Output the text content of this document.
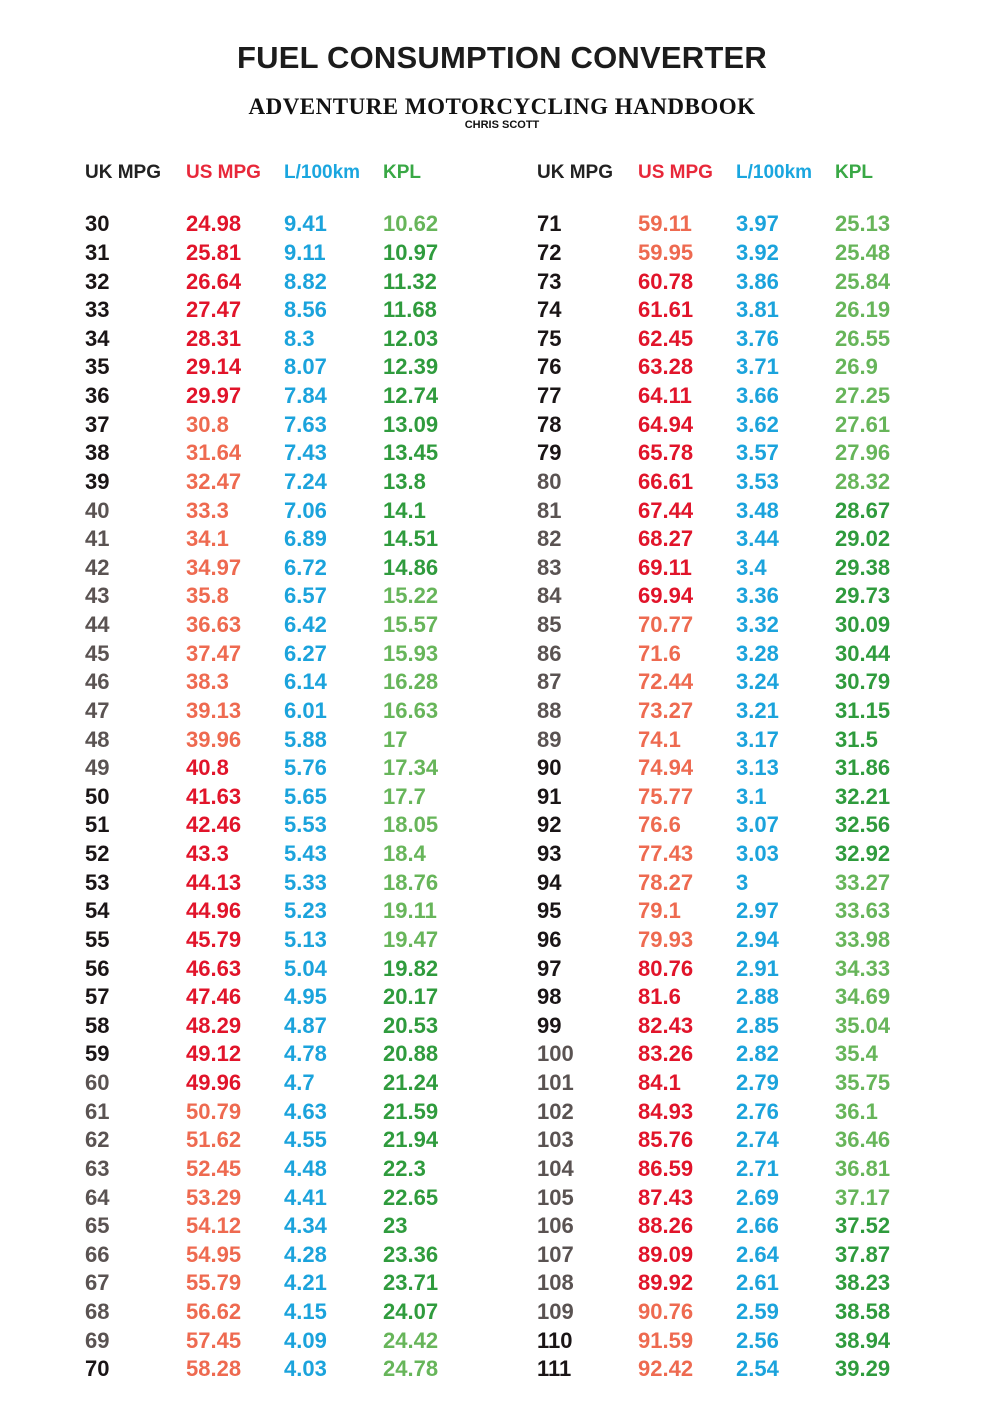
FUEL CONSUMPTION CONVERTER
ADVENTURE MOTORCYCLING HANDBOOK
CHRIS SCOTT
UK MPG	US MPG	L/100km	KPL
30	24.98	9.41	10.62
31	25.81	9.11	10.97
32	26.64	8.82	11.32
33	27.47	8.56	11.68
34	28.31	8.3	12.03
35	29.14	8.07	12.39
36	29.97	7.84	12.74
37	30.8	7.63	13.09
38	31.64	7.43	13.45
39	32.47	7.24	13.8
40	33.3	7.06	14.1
41	34.1	6.89	14.51
42	34.97	6.72	14.86
43	35.8	6.57	15.22
44	36.63	6.42	15.57
45	37.47	6.27	15.93
46	38.3	6.14	16.28
47	39.13	6.01	16.63
48	39.96	5.88	17
49	40.8	5.76	17.34
50	41.63	5.65	17.7
51	42.46	5.53	18.05
52	43.3	5.43	18.4
53	44.13	5.33	18.76
54	44.96	5.23	19.11
55	45.79	5.13	19.47
56	46.63	5.04	19.82
57	47.46	4.95	20.17
58	48.29	4.87	20.53
59	49.12	4.78	20.88
60	49.96	4.7	21.24
61	50.79	4.63	21.59
62	51.62	4.55	21.94
63	52.45	4.48	22.3
64	53.29	4.41	22.65
65	54.12	4.34	23
66	54.95	4.28	23.36
67	55.79	4.21	23.71
68	56.62	4.15	24.07
69	57.45	4.09	24.42
70	58.28	4.03	24.78
UK MPG	US MPG	L/100km	KPL
71	59.11	3.97	25.13
72	59.95	3.92	25.48
73	60.78	3.86	25.84
74	61.61	3.81	26.19
75	62.45	3.76	26.55
76	63.28	3.71	26.9
77	64.11	3.66	27.25
78	64.94	3.62	27.61
79	65.78	3.57	27.96
80	66.61	3.53	28.32
81	67.44	3.48	28.67
82	68.27	3.44	29.02
83	69.11	3.4	29.38
84	69.94	3.36	29.73
85	70.77	3.32	30.09
86	71.6	3.28	30.44
87	72.44	3.24	30.79
88	73.27	3.21	31.15
89	74.1	3.17	31.5
90	74.94	3.13	31.86
91	75.77	3.1	32.21
92	76.6	3.07	32.56
93	77.43	3.03	32.92
94	78.27	3	33.27
95	79.1	2.97	33.63
96	79.93	2.94	33.98
97	80.76	2.91	34.33
98	81.6	2.88	34.69
99	82.43	2.85	35.04
100	83.26	2.82	35.4
101	84.1	2.79	35.75
102	84.93	2.76	36.1
103	85.76	2.74	36.46
104	86.59	2.71	36.81
105	87.43	2.69	37.17
106	88.26	2.66	37.52
107	89.09	2.64	37.87
108	89.92	2.61	38.23
109	90.76	2.59	38.58
110	91.59	2.56	38.94
111	92.42	2.54	39.29
